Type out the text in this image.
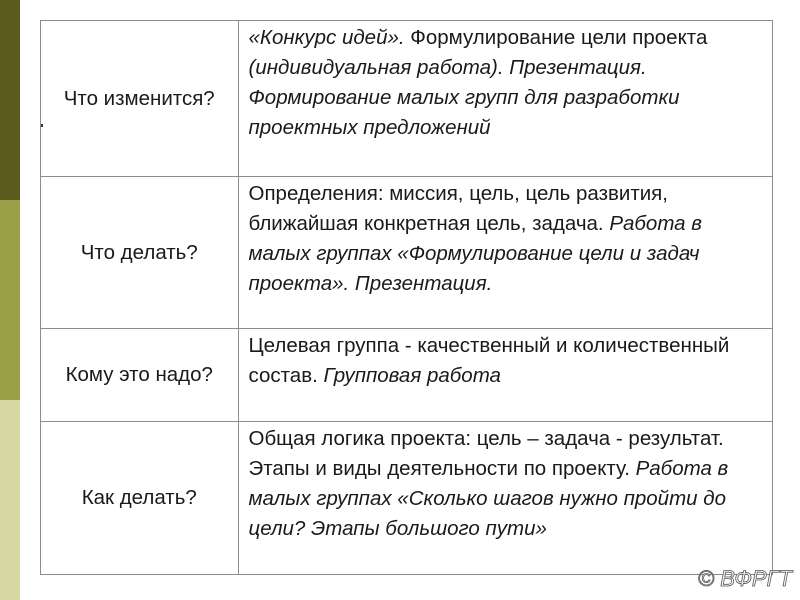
Что изменится?	«Конкурс идей». Формулирование цели проекта (индивидуальная работа). Презентация. Формирование малых групп для разработки проектных предложений
Что делать?	Определения: миссия, цель, цель развития, ближайшая конкретная цель, задача. Работа в малых группах «Формулирование цели и задач проекта». Презентация.
Кому это надо?	Целевая группа - качественный и количественный состав. Групповая работа
Как делать?	Общая логика проекта: цель – задача - результат. Этапы и виды деятельности по проекту. Работа в малых группах «Сколько шагов нужно пройти до цели? Этапы большого пути»
© ВФРГТ
